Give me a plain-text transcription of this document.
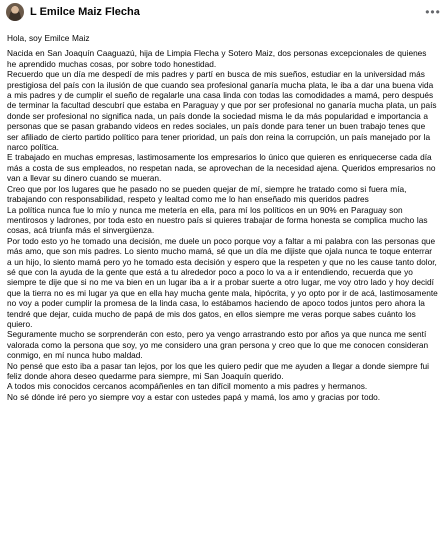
L Emilce Maiz Flecha	•••

Hola, soy Emilce Maiz

Nacida en San Joaquín Caaguazú, hija de Limpia Flecha y Sotero Maiz, dos personas excepcionales de quienes he aprendido muchas cosas, por sobre todo honestidad.

Recuerdo que un día me despedí de mis padres y partí en busca de mis sueños, estudiar en la universidad más prestigiosa del país con la ilusión de que cuando sea profesional ganaría mucha plata, le iba a dar una buena vida a mis padres y de cumplir el sueño de regalarle una casa linda con todas las comodidades a mamá, pero después de terminar la facultad descubrí que estaba en Paraguay y que por ser profesional no ganaría mucha plata, un país donde ser profesional no significa nada, un país donde la sociedad misma le da más popularidad e importancia a personas que se pasan grabando videos en redes sociales, un país donde para tener un buen trabajo tenes que ser afiliado de cierto partido político para tener prioridad, un país don reina la corrupción, un país manejado por la narco política.

E trabajado en muchas empresas, lastimosamente los empresarios lo único que quieren es enriquecerse cada día más a costa de sus empleados, no respetan nada, se aprovechan de la necesidad ajena. Queridos empresarios no van a llevar su dinero cuando se mueran.

Creo que por los lugares que he pasado no se pueden quejar de mí, siempre he tratado como si fuera mía, trabajando con responsabilidad, respeto y lealtad como me lo han enseñado mis queridos padres

La política nunca fue lo mío y nunca me metería en ella, para mí los políticos en un 90% en Paraguay son mentirosos y ladrones, por toda esto en nuestro país si quieres trabajar de forma honesta se complica mucho las cosas, acá triunfa más el sinvergüenza.

Por todo esto yo he tomado una decisión, me duele un poco porque voy a faltar a mi palabra con las personas que más amo, que son mis padres. Lo siento mucho mamá, sé que un día me dijiste que ojala nunca te toque enterrar a un hijo, lo siento mamá pero yo he tomado esta decisión y espero que la respeten y que no les cause tanto dolor, sé que con la ayuda de la gente que está a tu alrededor poco a poco lo va a ir entendiendo, recuerda que yo siempre te dije que si no me va bien en un lugar iba a ir a probar suerte a otro lugar, me voy otro lado y hoy decidí que la tierra no es mi lugar ya que en ella hay mucha gente mala, hipócrita, y yo opto por ir de acá, lastimosamente no voy a poder cumplir la promesa de la linda casa, lo estábamos haciendo de apoco todos juntos pero ahora la tendré que dejar, cuida mucho de papá de mis dos gatos, en ellos siempre me veras porque sabes cuánto los quiero.

Seguramente mucho se sorprenderán con esto, pero ya vengo arrastrando esto por años ya que nunca me sentí valorada como la persona que soy, yo me considero una gran persona y creo que lo que me conocen consideran conmigo, en mí nunca hubo maldad.

No pensé que esto iba a pasar tan lejos, por los que les quiero pedir que me ayuden a llegar a donde siempre fui feliz donde ahora deseo quedarme para siempre, mi San Joaquín querido.

A todos mis conocidos cercanos acompáñenles en tan difícil momento a mis padres y hermanos.

No sé dónde iré pero yo siempre voy a estar con ustedes papá y mamá, los amo y gracias por todo.
